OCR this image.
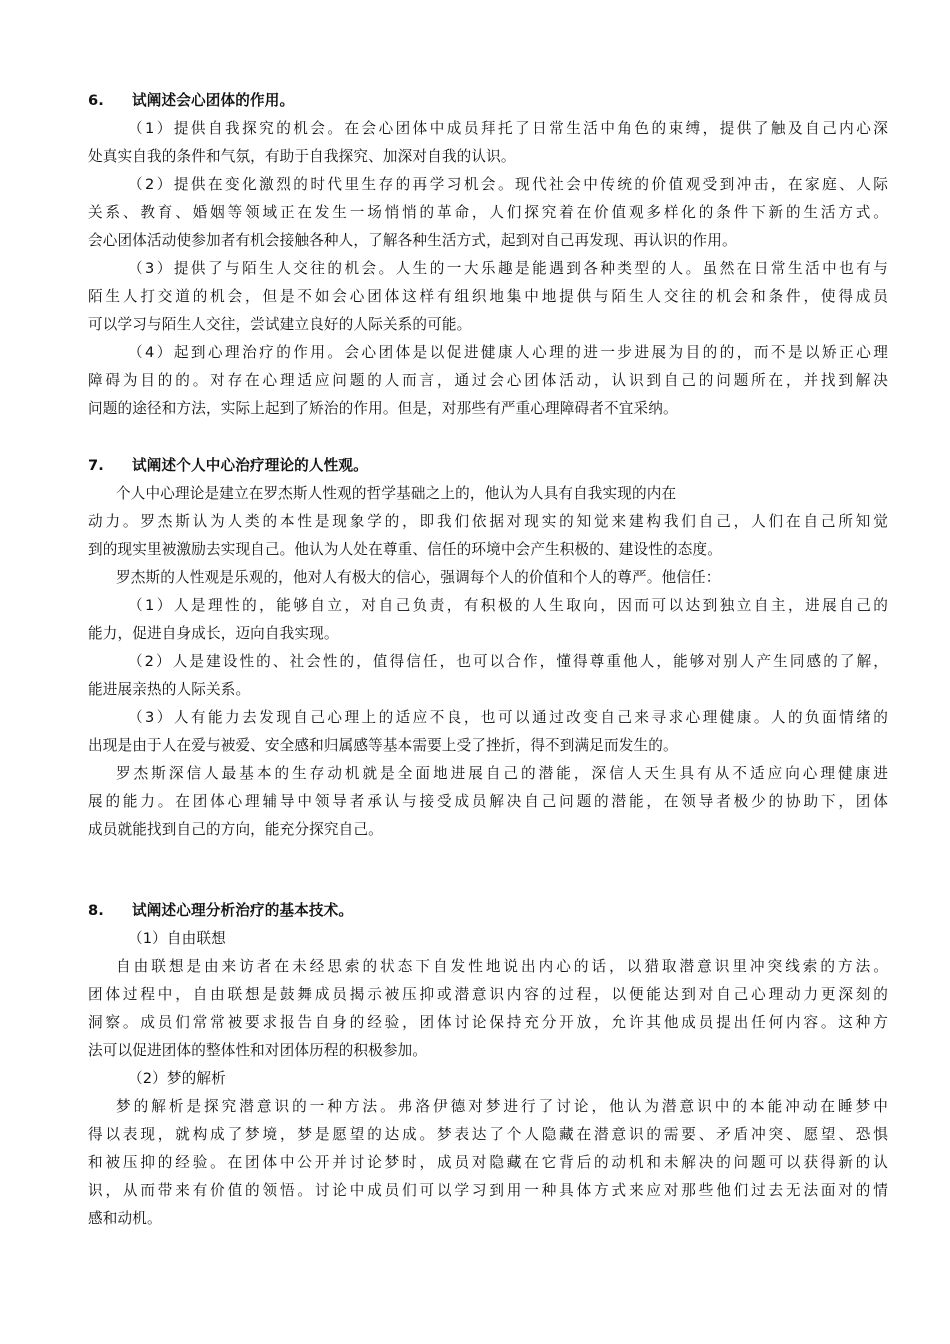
6. 试阐述会心团体的作用。
（1）提供自我探究的机会。在会心团体中成员拜托了日常生活中角色的束缚，提供了触及自己内心深
处真实自我的条件和气氛，有助于自我探究、加深对自我的认识。
（2）提供在变化激烈的时代里生存的再学习机会。现代社会中传统的价值观受到冲击，在家庭、人际
关系、教育、婚姻等领域正在发生一场悄悄的革命，人们探究着在价值观多样化的条件下新的生活方式。
会心团体活动使参加者有机会接触各种人，了解各种生活方式，起到对自己再发现、再认识的作用。
（3）提供了与陌生人交往的机会。人生的一大乐趣是能遇到各种类型的人。虽然在日常生活中也有与
陌生人打交道的机会，但是不如会心团体这样有组织地集中地提供与陌生人交往的机会和条件，使得成员
可以学习与陌生人交往，尝试建立良好的人际关系的可能。
（4）起到心理治疗的作用。会心团体是以促进健康人心理的进一步进展为目的的，而不是以矫正心理
障碍为目的的。对存在心理适应问题的人而言，通过会心团体活动，认识到自己的问题所在，并找到解决
问题的途径和方法，实际上起到了矫治的作用。但是，对那些有严重心理障碍者不宜采纳。
7. 试阐述个人中心治疗理论的人性观。
个人中心理论是建立在罗杰斯人性观的哲学基础之上的，他认为人具有自我实现的内在
动力。罗杰斯认为人类的本性是现象学的，即我们依据对现实的知觉来建构我们自己，人们在自己所知觉
到的现实里被激励去实现自己。他认为人处在尊重、信任的环境中会产生积极的、建设性的态度。
罗杰斯的人性观是乐观的，他对人有极大的信心，强调每个人的价值和个人的尊严。他信任：
（1）人是理性的，能够自立，对自己负责，有积极的人生取向，因而可以达到独立自主，进展自己的
能力，促进自身成长，迈向自我实现。
（2）人是建设性的、社会性的，值得信任，也可以合作，懂得尊重他人，能够对别人产生同感的了解，
能进展亲热的人际关系。
（3）人有能力去发现自己心理上的适应不良，也可以通过改变自己来寻求心理健康。人的负面情绪的
出现是由于人在爱与被爱、安全感和归属感等基本需要上受了挫折，得不到满足而发生的。
罗杰斯深信人最基本的生存动机就是全面地进展自己的潜能，深信人天生具有从不适应向心理健康进
展的能力。在团体心理辅导中领导者承认与接受成员解决自己问题的潜能，在领导者极少的协助下，团体
成员就能找到自己的方向，能充分探究自己。
8. 试阐述心理分析治疗的基本技术。
（1）自由联想
自由联想是由来访者在未经思索的状态下自发性地说出内心的话，以猎取潜意识里冲突线索的方法。
团体过程中，自由联想是鼓舞成员揭示被压抑或潜意识内容的过程，以便能达到对自己心理动力更深刻的
洞察。成员们常常被要求报告自身的经验，团体讨论保持充分开放，允许其他成员提出任何内容。这种方
法可以促进团体的整体性和对团体历程的积极参加。
（2）梦的解析
梦的解析是探究潜意识的一种方法。弗洛伊德对梦进行了讨论，他认为潜意识中的本能冲动在睡梦中
得以表现，就构成了梦境，梦是愿望的达成。梦表达了个人隐藏在潜意识的需要、矛盾冲突、愿望、恐惧
和被压抑的经验。在团体中公开并讨论梦时，成员对隐藏在它背后的动机和未解决的问题可以获得新的认
识，从而带来有价值的领悟。讨论中成员们可以学习到用一种具体方式来应对那些他们过去无法面对的情
感和动机。
